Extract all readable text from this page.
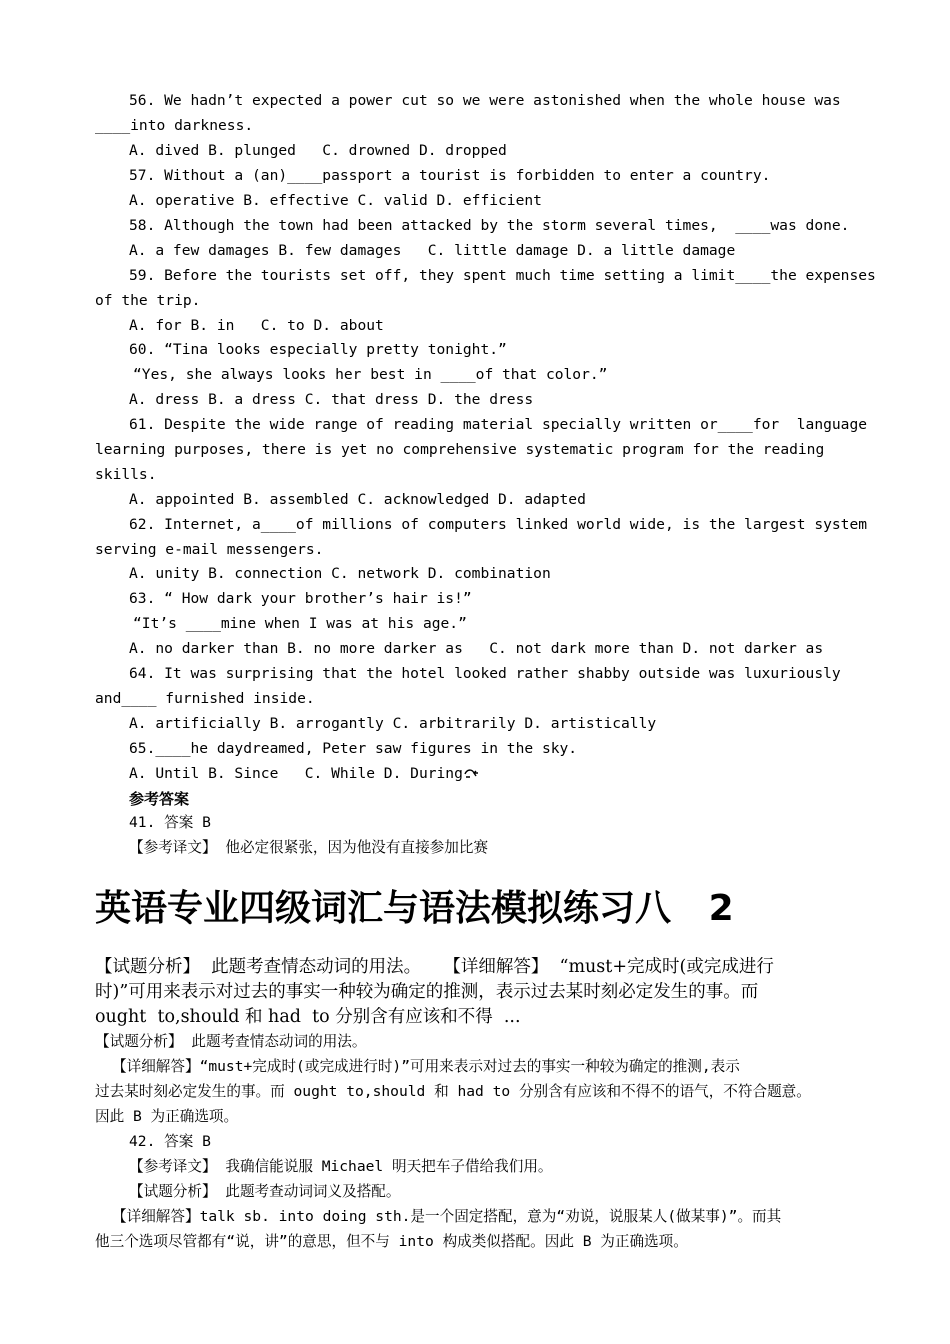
56. We hadn’t expected a power cut so we were astonished when the whole house was
____into darkness.
A. dived B. plunged   C. drowned D. dropped
57. Without a (an)____passport a tourist is forbidden to enter a country.
A. operative B. effective C. valid D. efficient
58. Although the town had been attacked by the storm several times,  ____was done.
A. a few damages B. few damages   C. little damage D. a little damage
59. Before the tourists set off, they spent much time setting a limit____the expenses
of the trip.
A. for B. in   C. to D. about
60. “Tina looks especially pretty tonight.”
“Yes, she always looks her best in ____of that color.”
A. dress B. a dress C. that dress D. the dress
61. Despite the wide range of reading material specially written or____for  language
learning purposes, there is yet no comprehensive systematic program for the reading
skills.
A. appointed B. assembled C. acknowledged D. adapted
62. Internet, a____of millions of computers linked world wide, is the largest system
serving e-mail messengers.
A. unity B. connection C. network D. combination
63. “ How dark your brother’s hair is!”
“It’s ____mine when I was at his age.”
A. no darker than B. no more darker as   C. not dark more than D. not darker as
64. It was surprising that the hotel looked rather shabby outside was luxuriously
and____ furnished inside.
A. artificially B. arrogantly C. arbitrarily D. artistically
65.____he daydreamed, Peter saw figures in the sky.
A. Until B. Since   C. While D. During
参考答案
41. 答案 B
【参考译文】 他必定很紧张，因为他没有直接参加比赛
英语专业四级词汇与语法模拟练习八   2
【试题分析】  此题考查情态动词的用法。    【详细解答】  “must+完成时(或完成进行
时)”可用来表示对过去的事实一种较为确定的推测，表示过去某时刻必定发生的事。而
ought  to,should 和 had  to 分别含有应该和不得  ...
【试题分析】 此题考查情态动词的用法。
【详细解答】“must+完成时(或完成进行时)”可用来表示对过去的事实一种较为确定的推测,表示
过去某时刻必定发生的事。而 ought to,should 和 had to 分别含有应该和不得不的语气，不符合题意。
因此 B 为正确选项。
42. 答案 B
【参考译文】 我确信能说服 Michael 明天把车子借给我们用。
【试题分析】 此题考查动词词义及搭配。
【详细解答】talk sb. into doing sth.是一个固定搭配，意为“劝说，说服某人(做某事)”。而其
他三个选项尽管都有“说，讲”的意思，但不与 into 构成类似搭配。因此 B 为正确选项。
